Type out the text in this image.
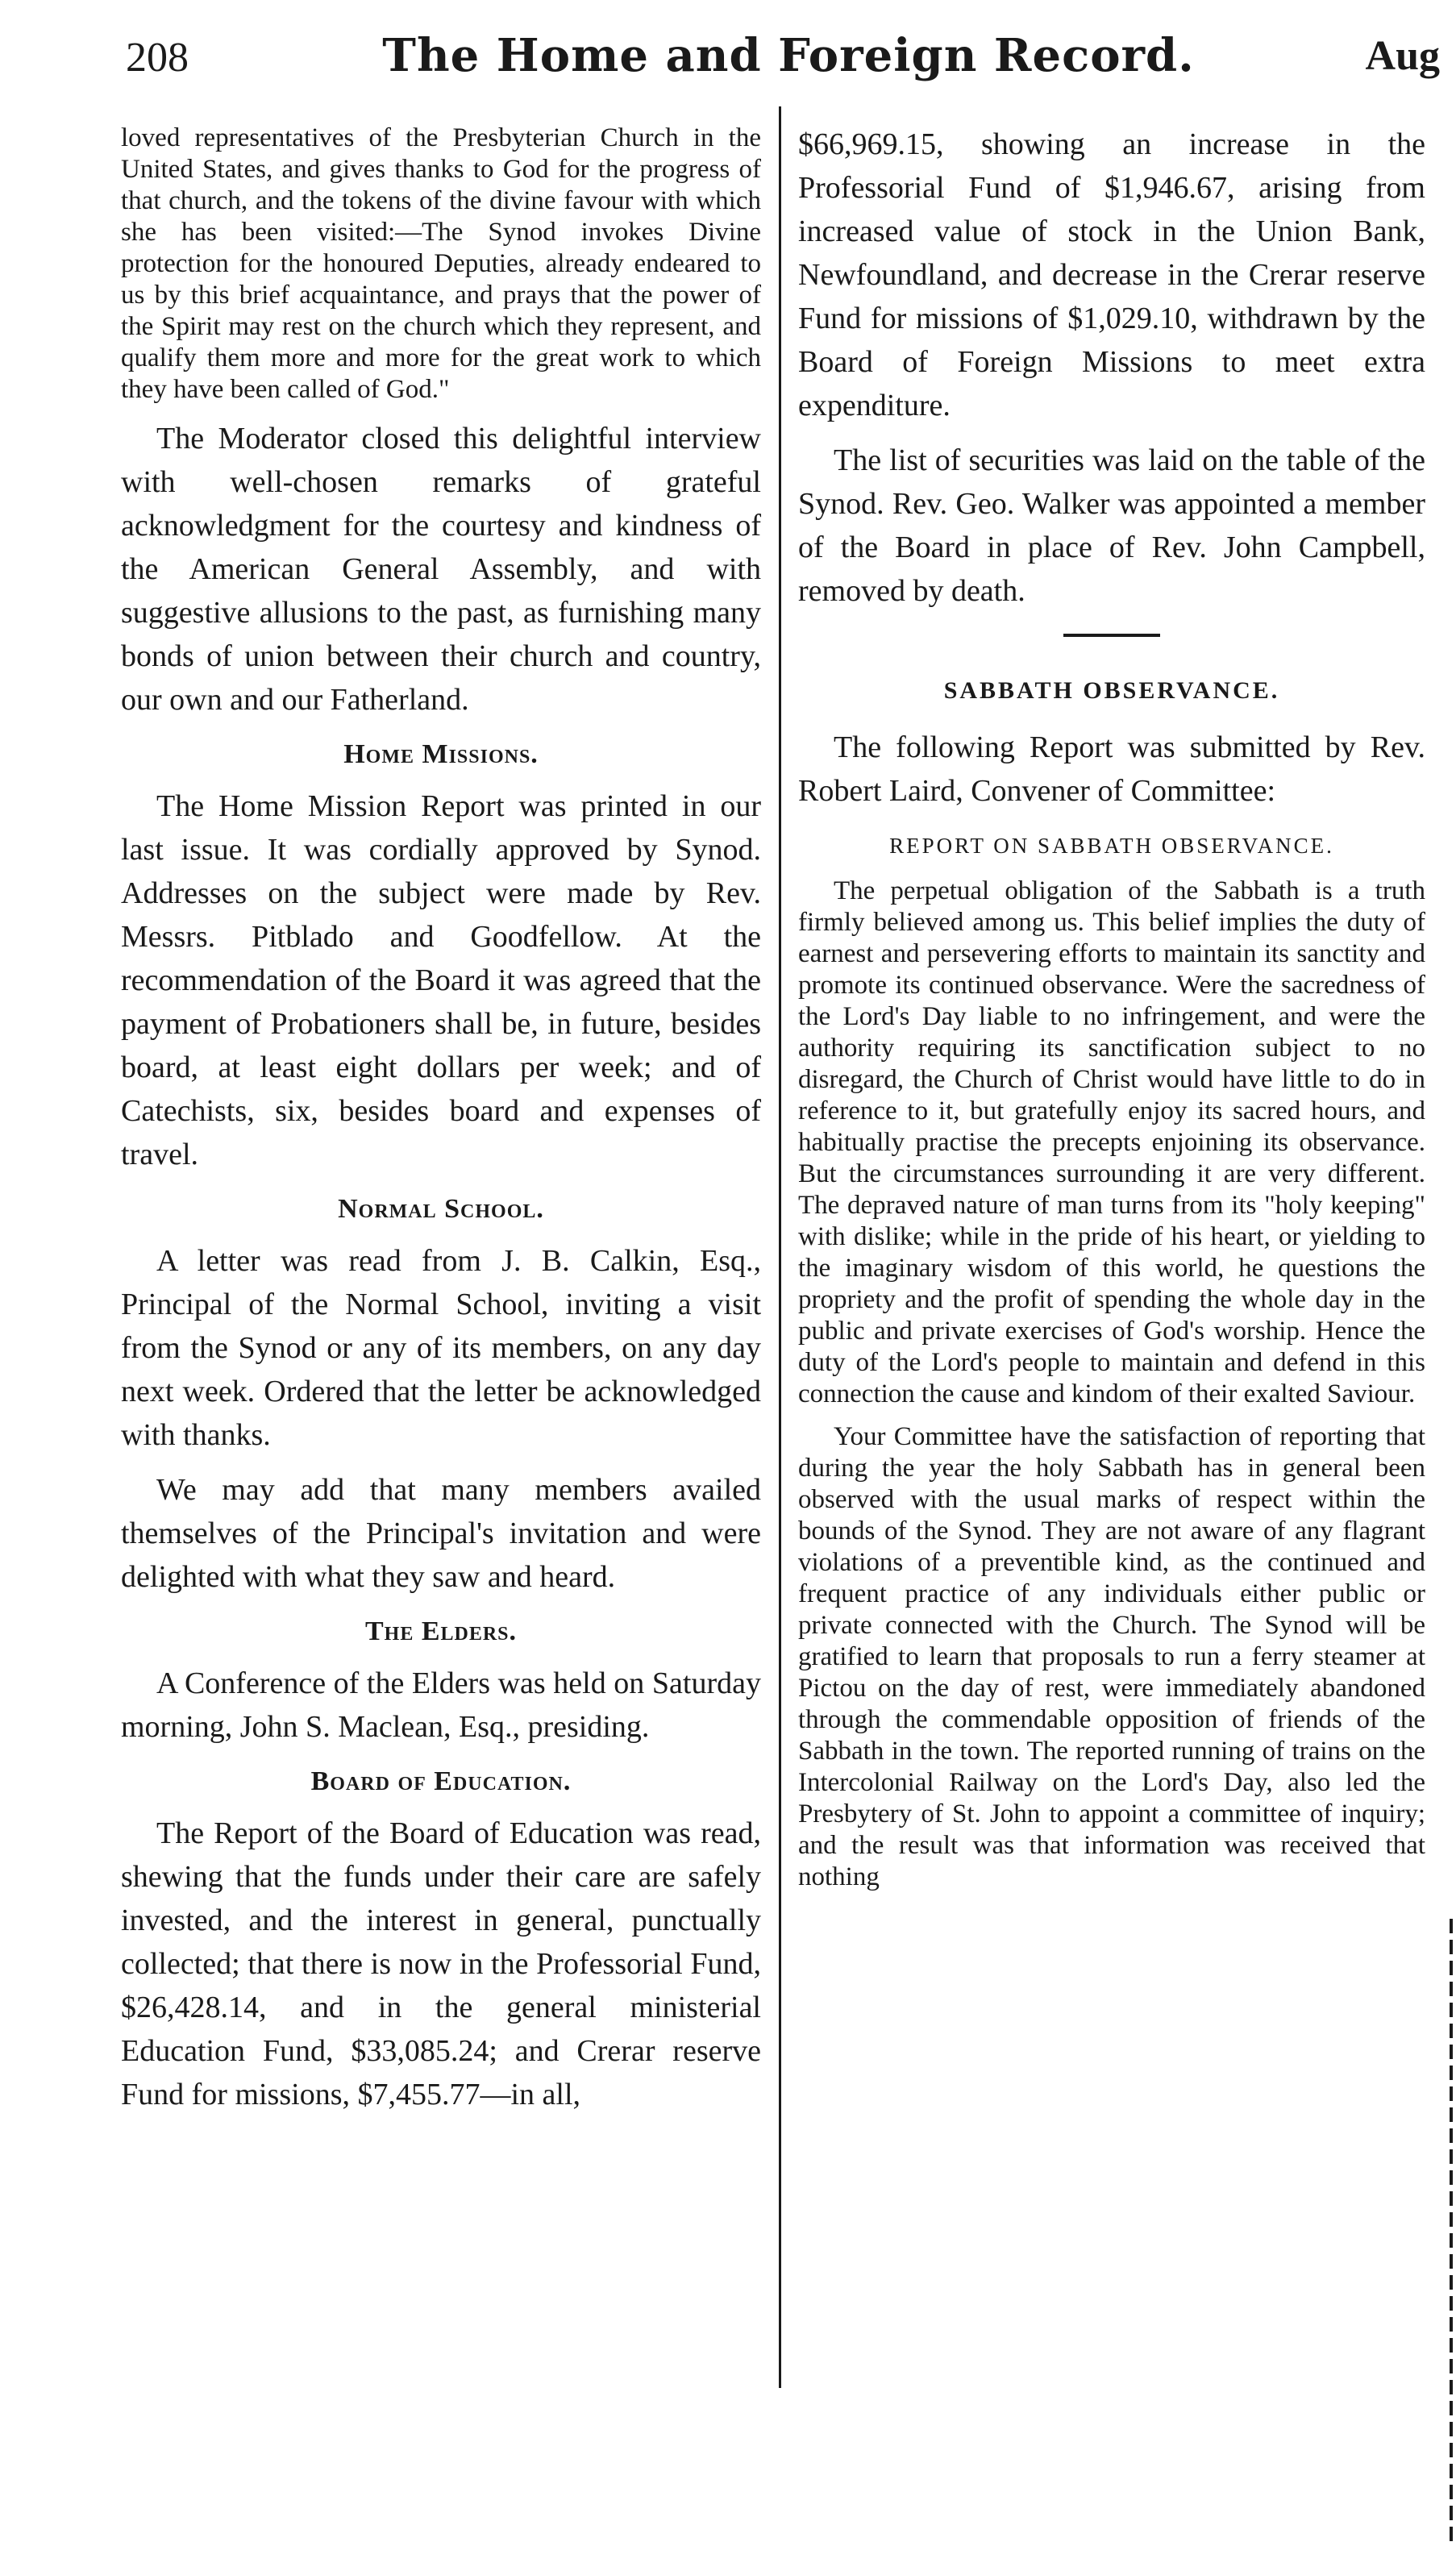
208	The Home and Foreign Record.	Aug

loved representatives of the Presbyterian Church in the United States, and gives thanks to God for the progress of that church, and the tokens of the divine favour with which she has been visited:—The Synod invokes Divine protection for the honoured Deputies, already endeared to us by this brief acquaintance, and prays that the power of the Spirit may rest on the church which they represent, and qualify them more and more for the great work to which they have been called of God."

The Moderator closed this delightful interview with well-chosen remarks of grateful acknowledgment for the courtesy and kindness of the American General Assembly, and with suggestive allusions to the past, as furnishing many bonds of union between their church and country, our own and our Fatherland.

Home Missions.

The Home Mission Report was printed in our last issue. It was cordially approved by Synod. Addresses on the subject were made by Rev. Messrs. Pitblado and Goodfellow. At the recommendation of the Board it was agreed that the payment of Probationers shall be, in future, besides board, at least eight dollars per week; and of Catechists, six, besides board and expenses of travel.

Normal School.

A letter was read from J. B. Calkin, Esq., Principal of the Normal School, inviting a visit from the Synod or any of its members, on any day next week. Ordered that the letter be acknowledged with thanks.

We may add that many members availed themselves of the Principal's invitation and were delighted with what they saw and heard.

The Elders.

A Conference of the Elders was held on Saturday morning, John S. Maclean, Esq., presiding.

Board of Education.

The Report of the Board of Education was read, shewing that the funds under their care are safely invested, and the interest in general, punctually collected; that there is now in the Professorial Fund, $26,428.14, and in the general ministerial Education Fund, $33,085.24; and Crerar reserve Fund for missions, $7,455.77—in all,

$66,969.15, showing an increase in the Professorial Fund of $1,946.67, arising from increased value of stock in the Union Bank, Newfoundland, and decrease in the Crerar reserve Fund for missions of $1,029.10, withdrawn by the Board of Foreign Missions to meet extra expenditure.

The list of securities was laid on the table of the Synod. Rev. Geo. Walker was appointed a member of the Board in place of Rev. John Campbell, removed by death.

SABBATH OBSERVANCE.

The following Report was submitted by Rev. Robert Laird, Convener of Committee:

REPORT ON SABBATH OBSERVANCE.

The perpetual obligation of the Sabbath is a truth firmly believed among us. This belief implies the duty of earnest and persevering efforts to maintain its sanctity and promote its continued observance. Were the sacredness of the Lord's Day liable to no infringement, and were the authority requiring its sanctification subject to no disregard, the Church of Christ would have little to do in reference to it, but gratefully enjoy its sacred hours, and habitually practise the precepts enjoining its observance. But the circumstances surrounding it are very different. The depraved nature of man turns from its "holy keeping" with dislike; while in the pride of his heart, or yielding to the imaginary wisdom of this world, he questions the propriety and the profit of spending the whole day in the public and private exercises of God's worship. Hence the duty of the Lord's people to maintain and defend in this connection the cause and kindom of their exalted Saviour.

Your Committee have the satisfaction of reporting that during the year the holy Sabbath has in general been observed with the usual marks of respect within the bounds of the Synod. They are not aware of any flagrant violations of a preventible kind, as the continued and frequent practice of any individuals either public or private connected with the Church. The Synod will be gratified to learn that proposals to run a ferry steamer at Pictou on the day of rest, were immediately abandoned through the commendable opposition of friends of the Sabbath in the town. The reported running of trains on the Intercolonial Railway on the Lord's Day, also led the Presbytery of St. John to appoint a committee of inquiry; and the result was that information was received that nothing
